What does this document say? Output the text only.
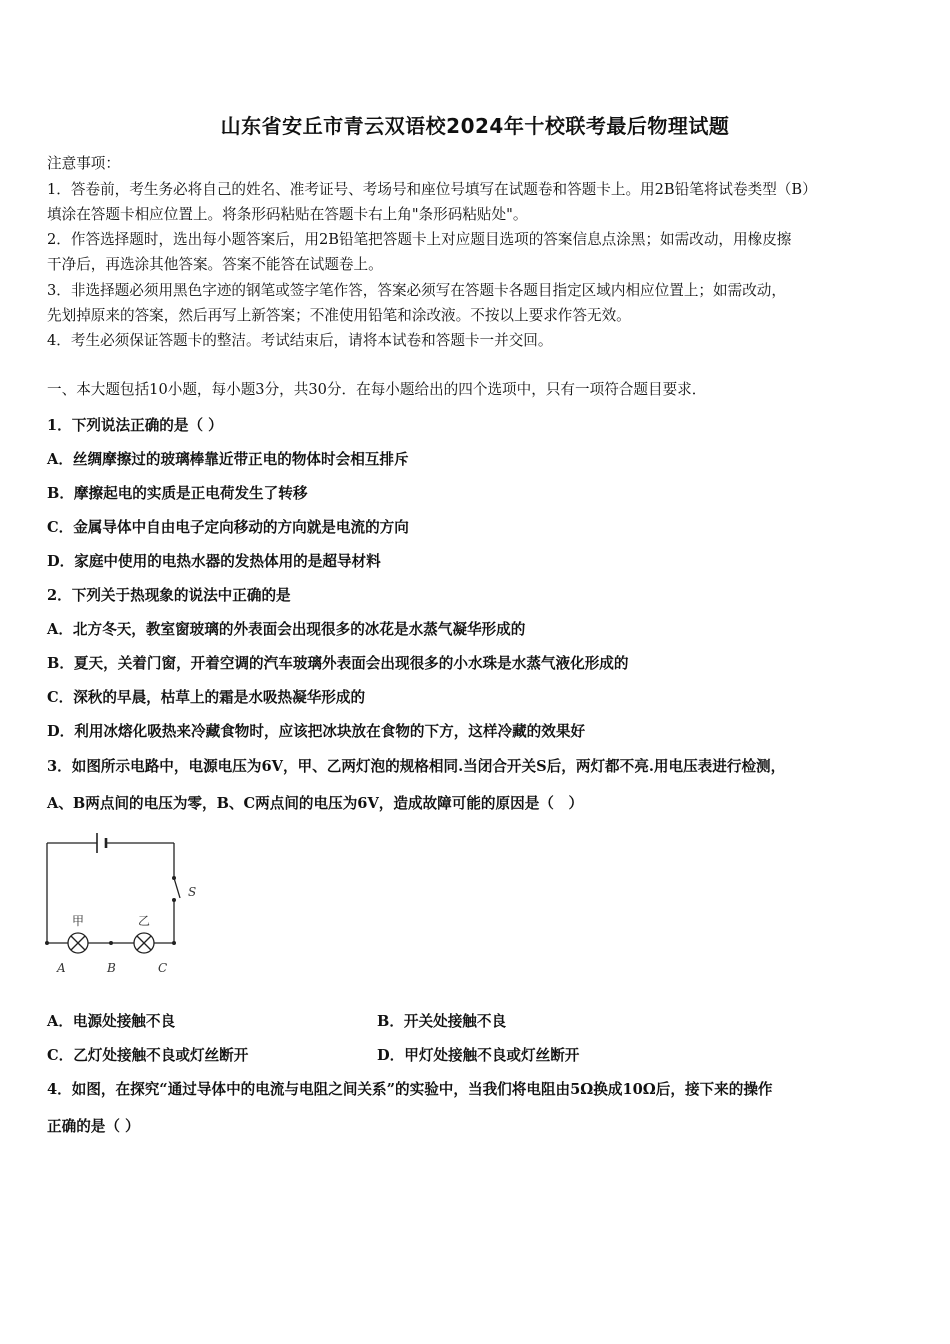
山东省安丘市青云双语校2024年十校联考最后物理试题
注意事项：
1．答卷前，考生务必将自己的姓名、准考证号、考场号和座位号填写在试题卷和答题卡上。用2B铅笔将试卷类型（B）
填涂在答题卡相应位置上。将条形码粘贴在答题卡右上角"条形码粘贴处"。
2．作答选择题时，选出每小题答案后，用2B铅笔把答题卡上对应题目选项的答案信息点涂黑；如需改动，用橡皮擦
干净后，再选涂其他答案。答案不能答在试题卷上。
3．非选择题必须用黑色字迹的钢笔或签字笔作答，答案必须写在答题卡各题目指定区域内相应位置上；如需改动，
先划掉原来的答案，然后再写上新答案；不准使用铅笔和涂改液。不按以上要求作答无效。
4．考生必须保证答题卡的整洁。考试结束后，请将本试卷和答题卡一并交回。
一、本大题包括10小题，每小题3分，共30分．在每小题给出的四个选项中，只有一项符合题目要求．
1．下列说法正确的是（ ）
A．丝绸摩擦过的玻璃棒靠近带正电的物体时会相互排斥
B．摩擦起电的实质是正电荷发生了转移
C．金属导体中自由电子定向移动的方向就是电流的方向
D．家庭中使用的电热水器的发热体用的是超导材料
2．下列关于热现象的说法中正确的是
A．北方冬天，教室窗玻璃的外表面会出现很多的冰花是水蒸气凝华形成的
B．夏天，关着门窗，开着空调的汽车玻璃外表面会出现很多的小水珠是水蒸气液化形成的
C．深秋的早晨，枯草上的霜是水吸热凝华形成的
D．利用冰熔化吸热来冷藏食物时，应该把冰块放在食物的下方，这样冷藏的效果好
3．如图所示电路中，电源电压为6V，甲、乙两灯泡的规格相同.当闭合开关S后，两灯都不亮.用电压表进行检测，
A、B两点间的电压为零，B、C两点间的电压为6V，造成故障可能的原因是（　）
甲	乙
S
A	B	C
A．电源处接触不良	B．开关处接触不良
C．乙灯处接触不良或灯丝断开	D．甲灯处接触不良或灯丝断开
4．如图，在探究“通过导体中的电流与电阻之间关系”的实验中，当我们将电阻由5Ω换成10Ω后，接下来的操作
正确的是（ ）
